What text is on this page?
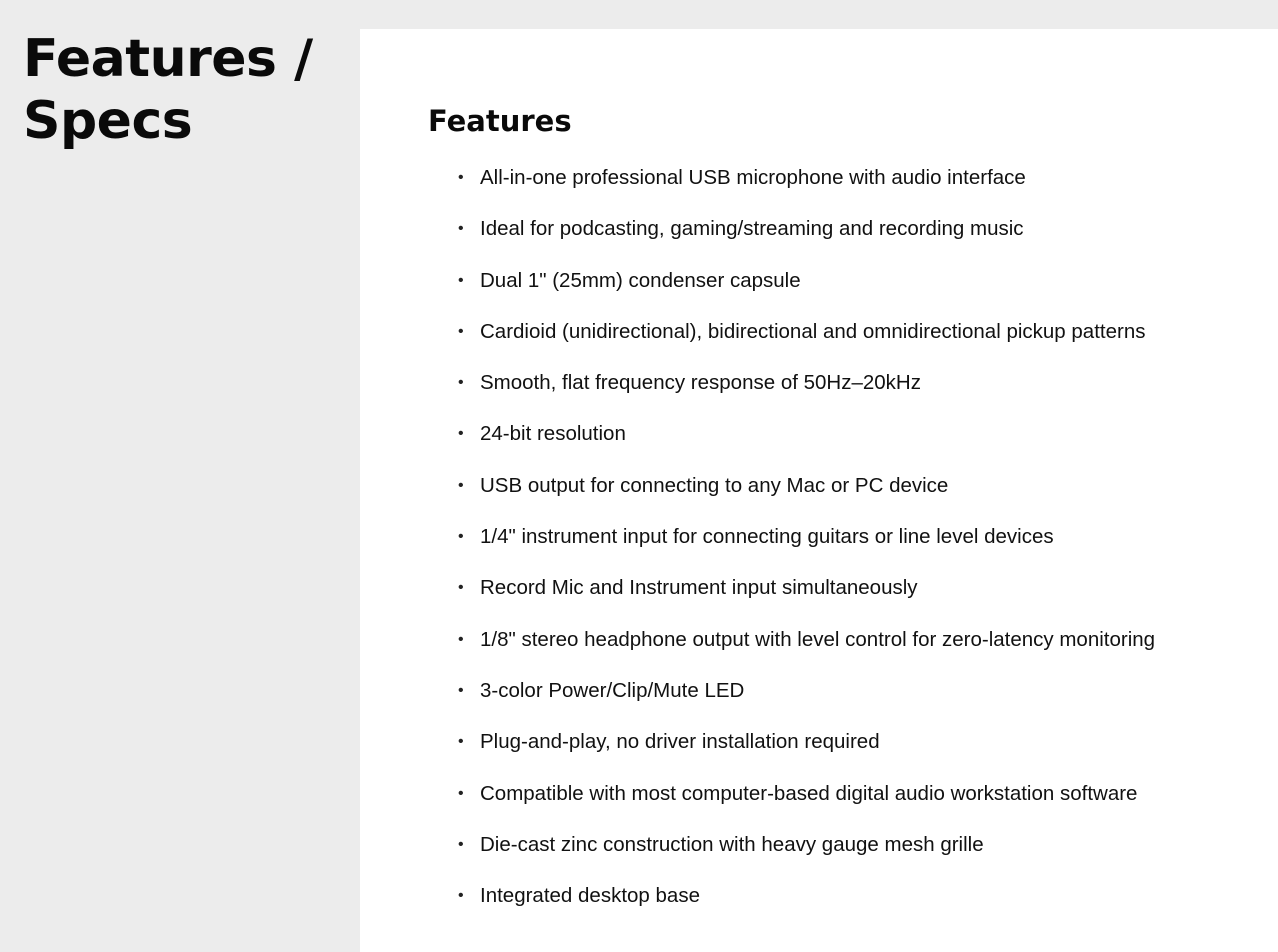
Features / Specs	Features
• All-in-one professional USB microphone with audio interface
• Ideal for podcasting, gaming/streaming and recording music
• Dual 1" (25mm) condenser capsule
• Cardioid (unidirectional), bidirectional and omnidirectional pickup patterns
• Smooth, flat frequency response of 50Hz–20kHz
• 24-bit resolution
• USB output for connecting to any Mac or PC device
• 1/4" instrument input for connecting guitars or line level devices
• Record Mic and Instrument input simultaneously
• 1/8" stereo headphone output with level control for zero-latency monitoring
• 3-color Power/Clip/Mute LED
• Plug-and-play, no driver installation required
• Compatible with most computer-based digital audio workstation software
• Die-cast zinc construction with heavy gauge mesh grille
• Integrated desktop base
